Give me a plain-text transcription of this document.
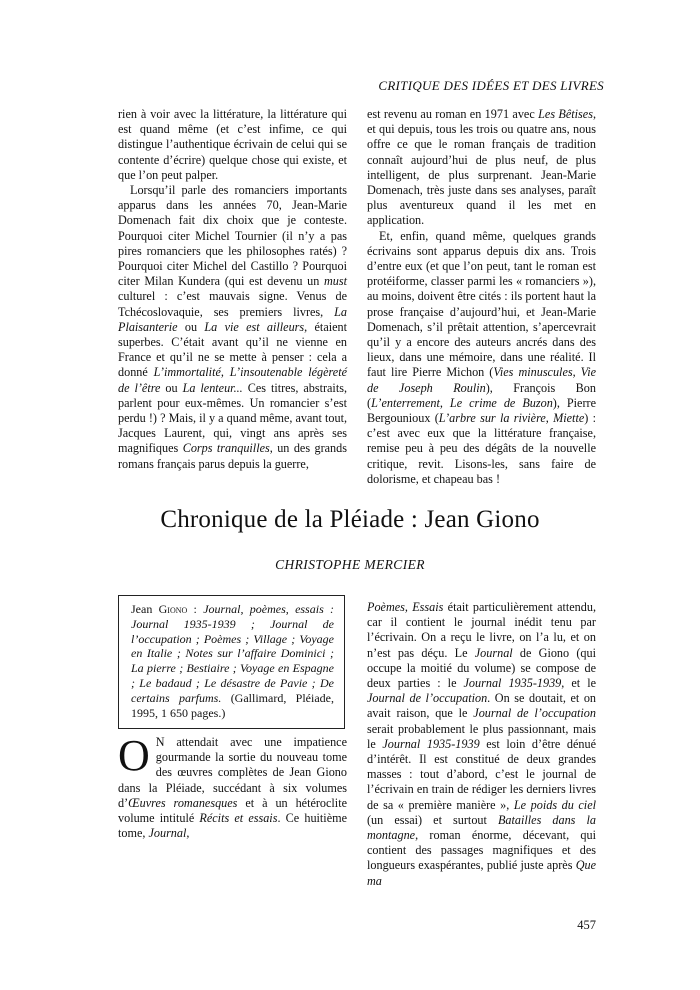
CRITIQUE DES IDÉES ET DES LIVRES

rien à voir avec la littérature, la littérature qui est quand même (et c’est infime, ce qui distingue l’authentique écrivain de celui qui se contente d’écrire) quelque chose qui existe, et que l’on peut palper.

Lorsqu’il parle des romanciers importants apparus dans les années 70, Jean-Marie Domenach fait dix choix que je conteste. Pourquoi citer Michel Tournier (il n’y a pas pires romanciers que les philosophes ratés) ? Pourquoi citer Michel del Castillo ? Pourquoi citer Milan Kundera (qui est devenu un must culturel : c’est mauvais signe. Venus de Tchécoslovaquie, ses premiers livres, La Plaisanterie ou La vie est ailleurs, étaient superbes. C’était avant qu’il ne vienne en France et qu’il ne se mette à penser : cela a donné L’immortalité, L’insoutenable légèreté de l’être ou La lenteur... Ces titres, abstraits, parlent pour eux-mêmes. Un romancier s’est perdu !) ? Mais, il y a quand même, avant tout, Jacques Laurent, qui, vingt ans après ses magnifiques Corps tranquilles, un des grands romans français parus depuis la guerre,

est revenu au roman en 1971 avec Les Bêtises, et qui depuis, tous les trois ou quatre ans, nous offre ce que le roman français de tradition connaît aujourd’hui de plus neuf, de plus intelligent, de plus surprenant. Jean-Marie Domenach, très juste dans ses analyses, paraît plus aventureux quand il les met en application.

Et, enfin, quand même, quelques grands écrivains sont apparus depuis dix ans. Trois d’entre eux (et que l’on peut, tant le roman est protéiforme, classer parmi les « romanciers »), au moins, doivent être cités : ils portent haut la prose française d’aujourd’hui, et Jean-Marie Domenach, s’il prêtait attention, s’apercevrait qu’il y a encore des auteurs ancrés dans des lieux, dans une mémoire, dans une réalité. Il faut lire Pierre Michon (Vies minuscules, Vie de Joseph Roulin), François Bon (L’enterrement, Le crime de Buzon), Pierre Bergounioux (L’arbre sur la rivière, Miette) : c’est avec eux que la littérature française, remise peu à peu des dégâts de la nouvelle critique, revit. Lisons-les, sans faire de dolorisme, et chapeau bas !

Chronique de la Pléiade : Jean Giono
CHRISTOPHE MERCIER
Jean Giono : Journal, poèmes, essais : Journal 1935-1939 ; Journal de l’occupation ; Poèmes ; Village ; Voyage en Italie ; Notes sur l’affaire Dominici ; La pierre ; Bestiaire ; Voyage en Espagne ; Le badaud ; Le désastre de Pavie ; De certains parfums. (Gallimard, Pléiade, 1995, 1 650 pages.)

O N attendait avec une impatience gourmande la sortie du nouveau tome des œuvres complètes de Jean Giono dans la Pléiade, succédant à six volumes d’Œuvres romanesques et à un hétéroclite volume intitulé Récits et essais. Ce huitième tome, Journal,

Poèmes, Essais était particulièrement attendu, car il contient le journal inédit tenu par l’écrivain. On a reçu le livre, on l’a lu, et on n’est pas déçu. Le Journal de Giono (qui occupe la moitié du volume) se compose de deux parties : le Journal 1935-1939, et le Journal de l’occupation. On se doutait, et on avait raison, que le Journal de l’occupation serait probablement le plus passionnant, mais le Journal 1935-1939 est loin d’être dénué d’intérêt. Il est constitué de deux grandes masses : tout d’abord, c’est le journal de l’écrivain en train de rédiger les derniers livres de sa « première manière », Le poids du ciel (un essai) et surtout Batailles dans la montagne, roman énorme, décevant, qui contient des passages magnifiques et des longueurs exaspérantes, publié juste après Que ma

457
